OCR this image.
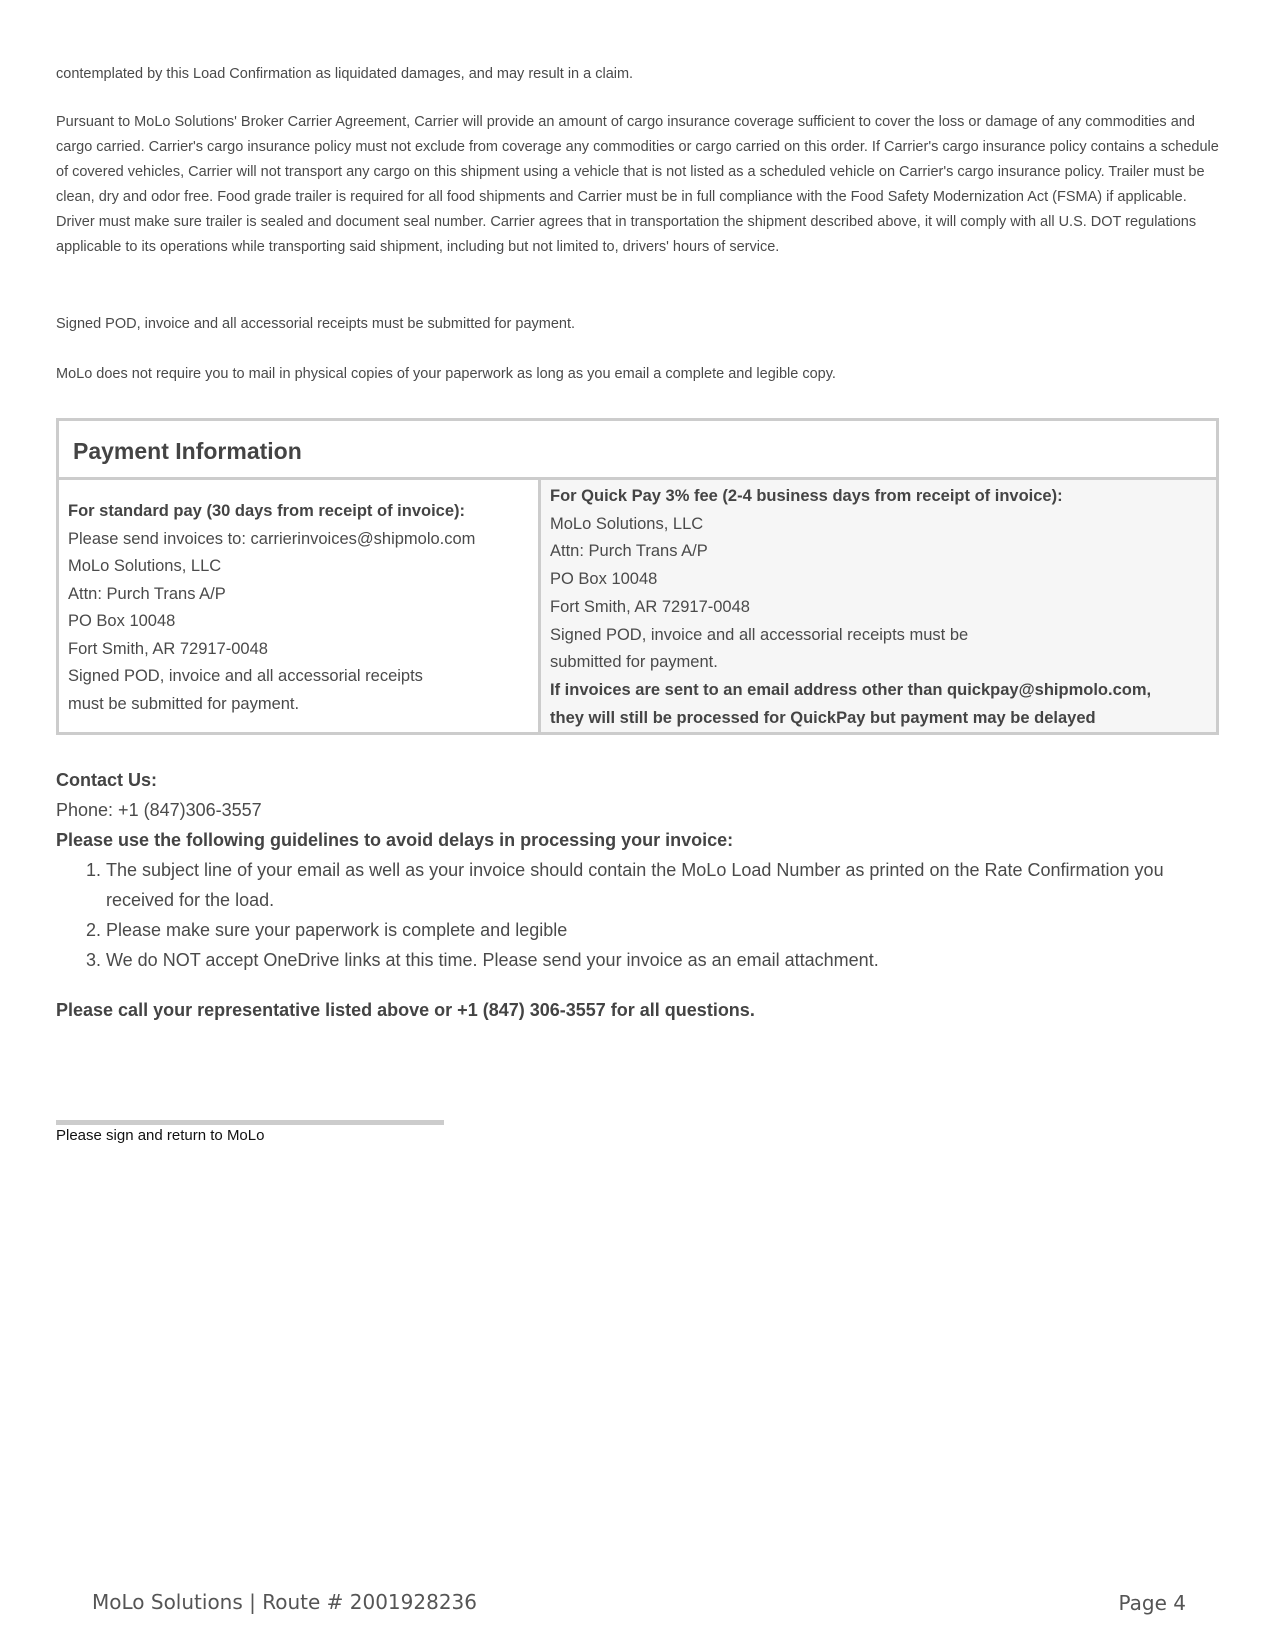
contemplated by this Load Confirmation as liquidated damages, and may result in a claim.

Pursuant to MoLo Solutions' Broker Carrier Agreement, Carrier will provide an amount of cargo insurance coverage sufficient to cover the loss or damage of any commodities and cargo carried. Carrier's cargo insurance policy must not exclude from coverage any commodities or cargo carried on this order. If Carrier's cargo insurance policy contains a schedule of covered vehicles, Carrier will not transport any cargo on this shipment using a vehicle that is not listed as a scheduled vehicle on Carrier's cargo insurance policy. Trailer must be clean, dry and odor free. Food grade trailer is required for all food shipments and Carrier must be in full compliance with the Food Safety Modernization Act (FSMA) if applicable. Driver must make sure trailer is sealed and document seal number. Carrier agrees that in transportation the shipment described above, it will comply with all U.S. DOT regulations applicable to its operations while transporting said shipment, including but not limited to, drivers' hours of service.

Signed POD, invoice and all accessorial receipts must be submitted for payment.

MoLo does not require you to mail in physical copies of your paperwork as long as you email a complete and legible copy.

Payment Information
For standard pay (30 days from receipt of invoice):
Please send invoices to: carrierinvoices@shipmolo.com
MoLo Solutions, LLC
Attn: Purch Trans A/P
PO Box 10048
Fort Smith, AR 72917-0048
Signed POD, invoice and all accessorial receipts
must be submitted for payment.
For Quick Pay 3% fee (2-4 business days from receipt of invoice):
MoLo Solutions, LLC
Attn: Purch Trans A/P
PO Box 10048
Fort Smith, AR 72917-0048
Signed POD, invoice and all accessorial receipts must be
submitted for payment.
If invoices are sent to an email address other than quickpay@shipmolo.com,
they will still be processed for QuickPay but payment may be delayed
Contact Us:
Phone: +1 (847)306-3557
Please use the following guidelines to avoid delays in processing your invoice:
1. The subject line of your email as well as your invoice should contain the MoLo Load Number as printed on the Rate Confirmation you received for the load.
2. Please make sure your paperwork is complete and legible
3. We do NOT accept OneDrive links at this time. Please send your invoice as an email attachment.
Please call your representative listed above or +1 (847) 306-3557 for all questions.
Please sign and return to MoLo
MoLo Solutions | Route # 2001928236	Page 4
